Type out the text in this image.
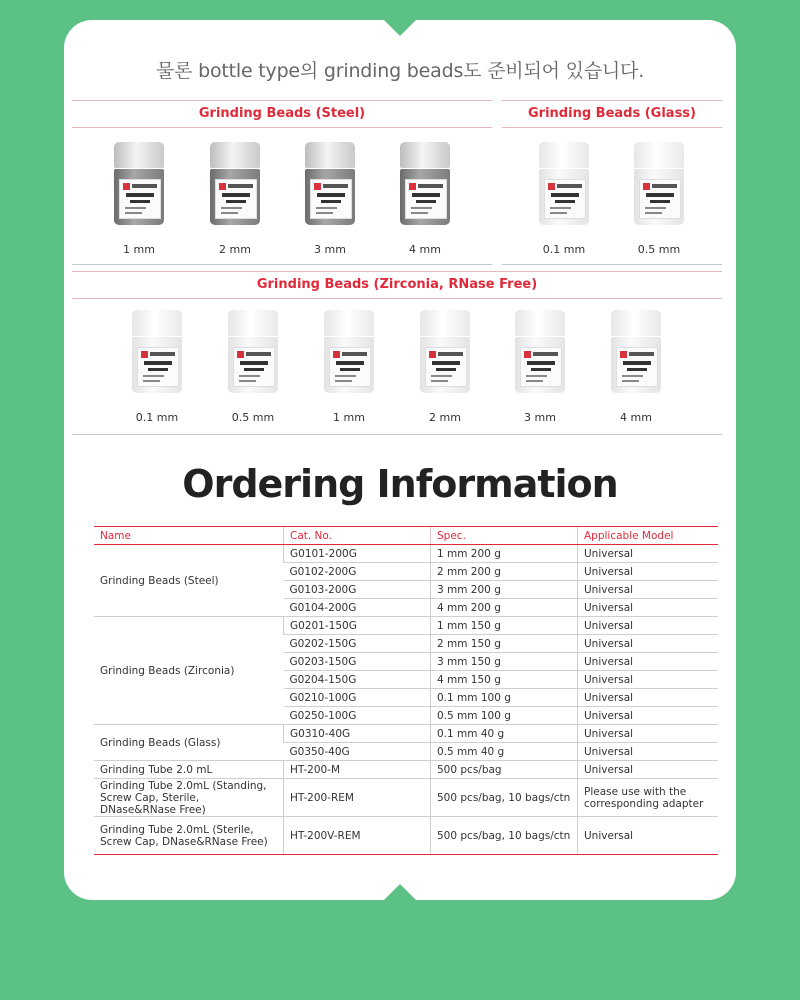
물론 bottle type의 grinding beads도 준비되어 있습니다.
Grinding Beads (Steel)
1 mm	2 mm	3 mm	4 mm
Grinding Beads (Glass)
0.1 mm	0.5 mm
Grinding Beads (Zirconia, RNase Free)
0.1 mm	0.5 mm	1 mm	2 mm	3 mm	4 mm
Ordering Information
Name	Cat. No.	Spec.	Applicable Model
Grinding Beads (Steel)	G0101-200G	1 mm 200 g	Universal
	G0102-200G	2 mm 200 g	Universal
	G0103-200G	3 mm 200 g	Universal
	G0104-200G	4 mm 200 g	Universal
Grinding Beads (Zirconia)	G0201-150G	1 mm 150 g	Universal
	G0202-150G	2 mm 150 g	Universal
	G0203-150G	3 mm 150 g	Universal
	G0204-150G	4 mm 150 g	Universal
	G0210-100G	0.1 mm 100 g	Universal
	G0250-100G	0.5 mm 100 g	Universal
Grinding Beads (Glass)	G0310-40G	0.1 mm 40 g	Universal
	G0350-40G	0.5 mm 40 g	Universal
Grinding Tube 2.0 mL	HT-200-M	500 pcs/bag	Universal
Grinding Tube 2.0mL (Standing, Screw Cap, Sterile, DNase&RNase Free)	HT-200-REM	500 pcs/bag, 10 bags/ctn	Please use with the corresponding adapter
Grinding Tube 2.0mL (Sterile, Screw Cap, DNase&RNase Free)	HT-200V-REM	500 pcs/bag, 10 bags/ctn	Universal
